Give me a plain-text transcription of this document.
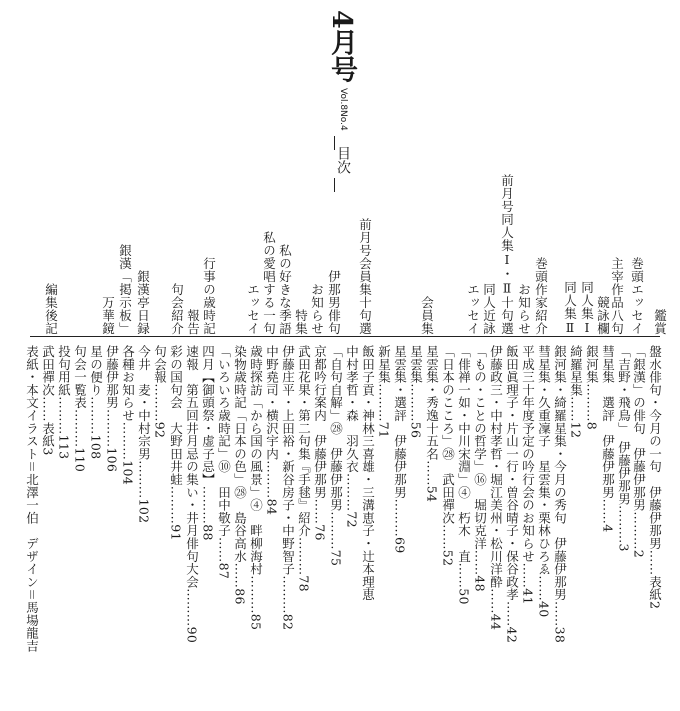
4月号
Vol.8No.4
目次
鑑賞
巻頭エッセイ
主宰作品八句
競詠欄
同人集Ⅰ
同人集Ⅱ
巻頭作家紹介
お知らせ
前月号同人集Ⅰ・Ⅱ十句選
同人近詠
エッセイ
会員集
前月号会員集十句選
伊那男俳句
お知らせ
特集
私の好きな季語
私の愛唱する一句
エッセイ
行事の歳時記
報告
句会紹介
銀漢亭日録
銀漢「掲示板」
万華鏡
編集後記
盤水俳句・今月の一句　伊藤伊那男……表紙2
「銀漢」の俳句　伊藤伊那男………2
「吉野・飛鳥」　伊藤伊那男………3
彗星集　選評　伊藤伊那男……4
銀河集………8
綺羅星集……12
銀河集・綺羅星集・今月の秀句　伊藤伊那男……38
彗星集・久重凜子　星雲集・栗林ひろゑ……40
平成三十年度予定の吟行会のお知らせ……41
飯田眞理子・片山一行・曽谷晴子・保谷政孝……42
伊藤政三・中村孝哲・堀江美州・松川洋酔……44
「もの・ことの哲学」⑯　堀切克洋……48
「俳禅一如・中川宋淵」④　朽木　直……50
「日本のこころ」㉘　武田禪次……52
星雲集・秀逸十五名……54
星雲集………56
星雲集・選評　伊藤伊那男………69
新星集………71
飯田子貢・神林三喜雄・三溝恵子・辻本理恵
中村孝哲・森　羽久衣………72
「自句自解」㉘　伊藤伊那男………75
京都吟行案内　伊藤伊那男……76
武田花果・第二句集『手毬』紹介………78
伊藤庄平・上田裕・新谷房子・中野智子………82
中野堯司・横沢宇内………84
歳時探訪「から国の風景」④　畔柳海村………85
染物歳時記「日本の色」㉘　島谷高水……86
「いろいろ歳時記」⑩　田中敬子……87
四月【御頭祭・虚子忌】………88
速報　第五回井月忌の集い・井月俳句大会………90
彩の国句会　大野田井蛙………91
句会報………92
今井　麦・中村宗男………102
各種お知らせ………104
伊藤伊那男………106
星の便り………108
句会一覧表………110
投句用紙………113
武田禪次……表紙3
表紙・本文イラスト＝北澤一伯　デザイン＝馬場龍吉
